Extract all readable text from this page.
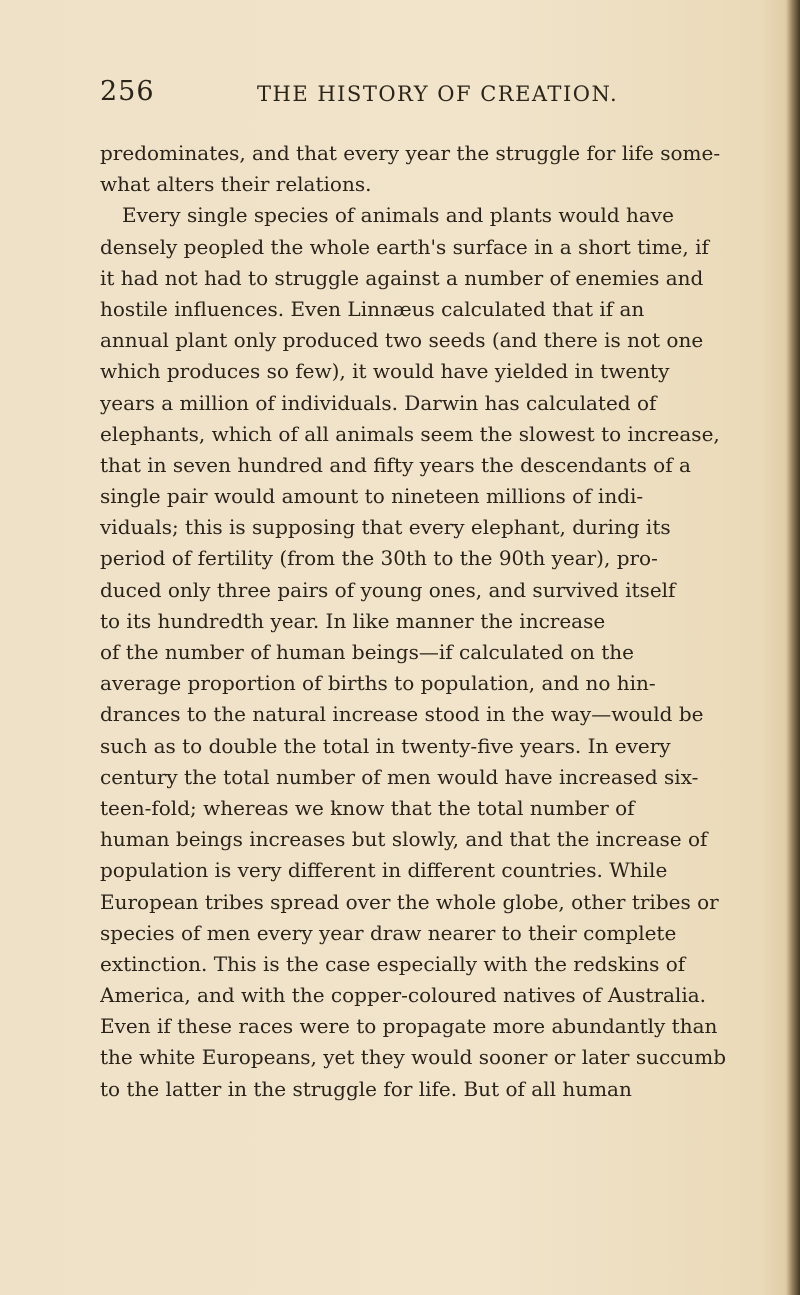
256	THE HISTORY OF CREATION.
predominates, and that every year the struggle for life some-
what alters their relations.
Every single species of animals and plants would have
densely peopled the whole earth's surface in a short time, if
it had not had to struggle against a number of enemies and
hostile influences. Even Linnæus calculated that if an
annual plant only produced two seeds (and there is not one
which produces so few), it would have yielded in twenty
years a million of individuals. Darwin has calculated of
elephants, which of all animals seem the slowest to increase,
that in seven hundred and fifty years the descendants of a
single pair would amount to nineteen millions of indi-
viduals; this is supposing that every elephant, during its
period of fertility (from the 30th to the 90th year), pro-
duced only three pairs of young ones, and survived itself
to its hundredth year. In like manner the increase
of the number of human beings—if calculated on the
average proportion of births to population, and no hin-
drances to the natural increase stood in the way—would be
such as to double the total in twenty-five years. In every
century the total number of men would have increased six-
teen-fold; whereas we know that the total number of
human beings increases but slowly, and that the increase of
population is very different in different countries. While
European tribes spread over the whole globe, other tribes or
species of men every year draw nearer to their complete
extinction. This is the case especially with the redskins of
America, and with the copper-coloured natives of Australia.
Even if these races were to propagate more abundantly than
the white Europeans, yet they would sooner or later succumb
to the latter in the struggle for life. But of all human
